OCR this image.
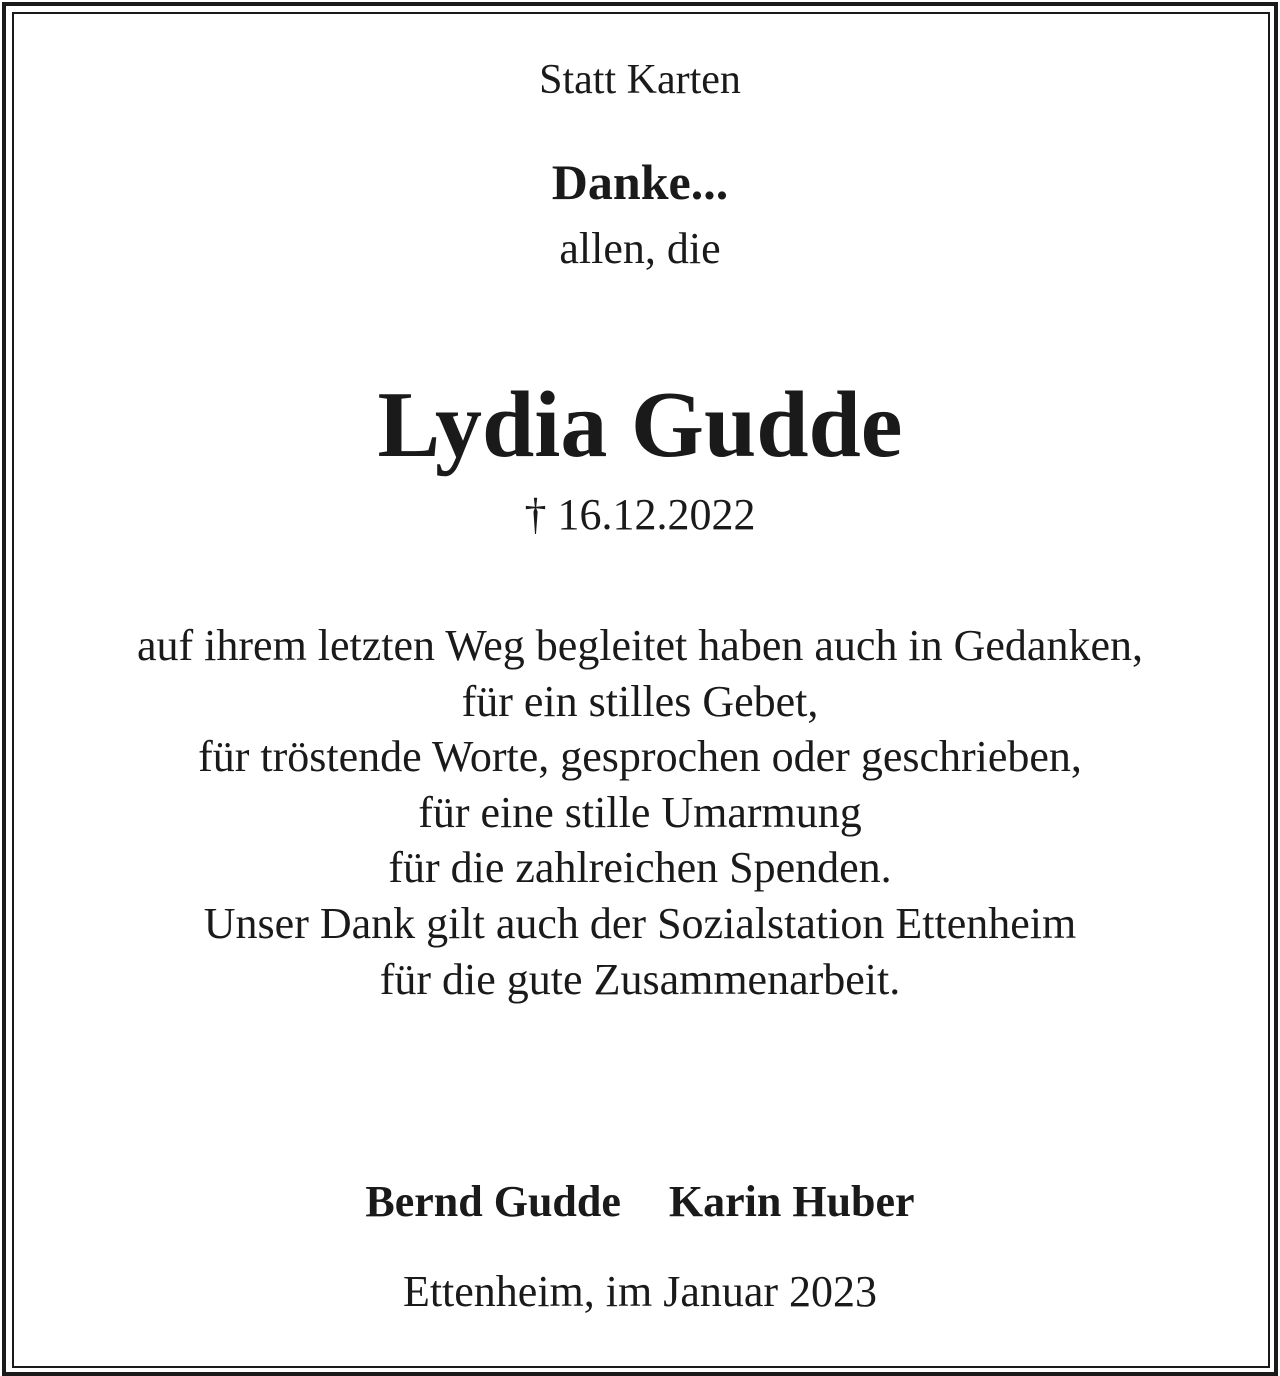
Statt Karten
Danke...
allen, die
Lydia Gudde
† 16.12.2022
auf ihrem letzten Weg begleitet haben auch in Gedanken,
für ein stilles Gebet,
für tröstende Worte, gesprochen oder geschrieben,
für eine stille Umarmung
für die zahlreichen Spenden.
Unser Dank gilt auch der Sozialstation Ettenheim
für die gute Zusammenarbeit.
Bernd Gudde Karin Huber
Ettenheim, im Januar 2023
